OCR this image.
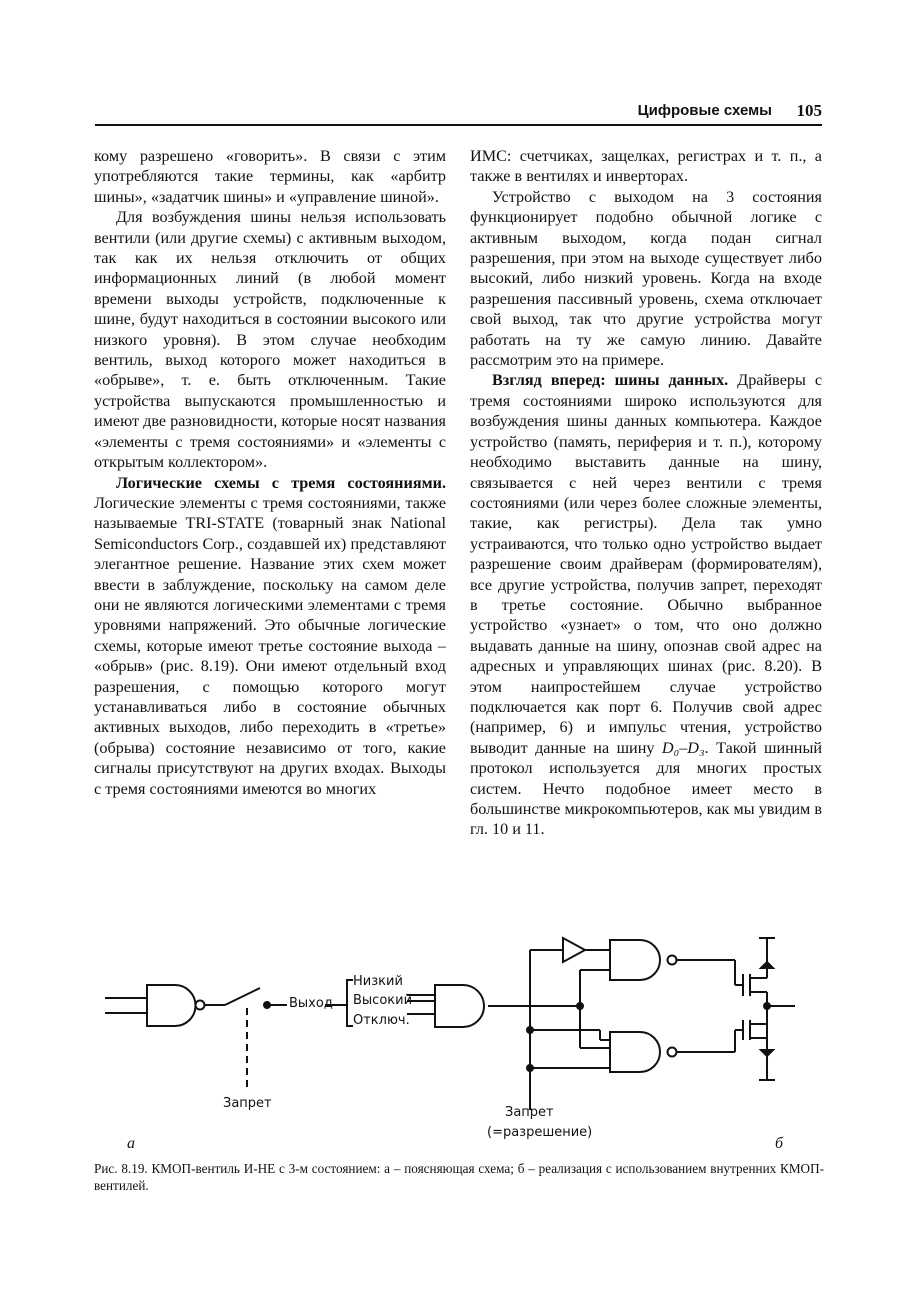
Цифровые схемы 105

кому разрешено «говорить». В связи с этим употребляются такие термины, как «арбитр шины», «задатчик шины» и «управление шиной».

Для возбуждения шины нельзя использовать вентили (или другие схемы) с активным выходом, так как их нельзя отключить от общих информационных линий (в любой момент времени выходы устройств, подключенные к шине, будут находиться в состоянии высокого или низкого уровня). В этом случае необходим вентиль, выход которого может находиться в «обрыве», т. е. быть отключенным. Такие устройства выпускаются промышленностью и имеют две разновидности, которые носят названия «элементы с тремя состояниями» и «элементы с открытым коллектором».

Логические схемы с тремя состояниями. Логические элементы с тремя состояниями, также называемые TRI-STATE (товарный знак National Semiconductors Corp., создавшей их) представляют элегантное решение. Название этих схем может ввести в заблуждение, поскольку на самом деле они не являются логическими элементами с тремя уровнями напряжений. Это обычные логические схемы, которые имеют третье состояние выхода – «обрыв» (рис. 8.19). Они имеют отдельный вход разрешения, с помощью которого могут устанавливаться либо в состояние обычных активных выходов, либо переходить в «третье» (обрыва) состояние независимо от того, какие сигналы присутствуют на других входах. Выходы с тремя состояниями имеются во многих

ИМС: счетчиках, защелках, регистрах и т. п., а также в вентилях и инверторах.

Устройство с выходом на 3 состояния функционирует подобно обычной логике с активным выходом, когда подан сигнал разрешения, при этом на выходе существует либо высокий, либо низкий уровень. Когда на входе разрешения пассивный уровень, схема отключает свой выход, так что другие устройства могут работать на ту же самую линию. Давайте рассмотрим это на примере.

Взгляд вперед: шины данных. Драйверы с тремя состояниями широко используются для возбуждения шины данных компьютера. Каждое устройство (память, периферия и т. п.), которому необходимо выставить данные на шину, связывается с ней через вентили с тремя состояниями (или через более сложные элементы, такие, как регистры). Дела так умно устраиваются, что только одно устройство выдает разрешение своим драйверам (формирователям), все другие устройства, получив запрет, переходят в третье состояние. Обычно выбранное устройство «узнает» о том, что оно должно выдавать данные на шину, опознав свой адрес на адресных и управляющих шинах (рис. 8.20). В этом наипростейшем случае устройство подключается как порт 6. Получив свой адрес (например, 6) и импульс чтения, устройство выводит данные на шину D₀–D₃. Такой шинный протокол используется для многих простых систем. Нечто подобное имеет место в большинстве микрокомпьютеров, как мы увидим в гл. 10 и 11.

Низкий
Высокий
Отключ.
Выход
Запрет
Запрет
(=разрешение)
а	б
Рис. 8.19. КМОП-вентиль И-НЕ с 3-м состоянием: а – поясняющая схема; б – реализация с использованием внутренних КМОП-вентилей.
